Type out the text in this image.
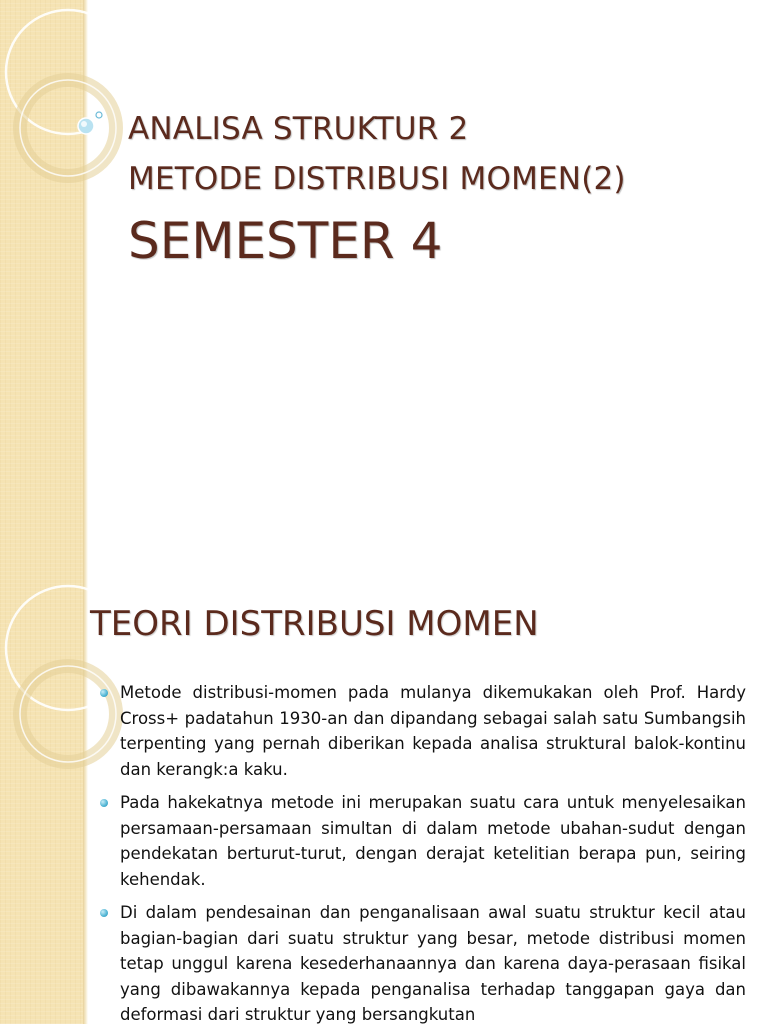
ANALISA STRUKTUR 2
METODE DISTRIBUSI MOMEN(2)
SEMESTER 4
TEORI DISTRIBUSI MOMEN
Metode distribusi-momen pada mulanya dikemukakan oleh Prof. Hardy Cross+ padatahun 1930-an dan dipandang sebagai salah satu Sumbangsih terpenting yang pernah diberikan kepada analisa struktural balok-kontinu dan kerangk:a kaku.
Pada hakekatnya metode ini merupakan suatu cara untuk menyelesaikan persamaan-persamaan simultan di dalam metode ubahan-sudut dengan pendekatan berturut-turut, dengan derajat ketelitian berapa pun, seiring kehendak.
Di dalam pendesainan dan penganalisaan awal suatu struktur kecil atau bagian-bagian dari suatu struktur yang besar, metode distribusi momen tetap unggul karena kesederhanaannya dan karena daya-perasaan fisikal yang dibawakannya kepada penganalisa terhadap tanggapan gaya dan deformasi dari struktur yang bersangkutan
